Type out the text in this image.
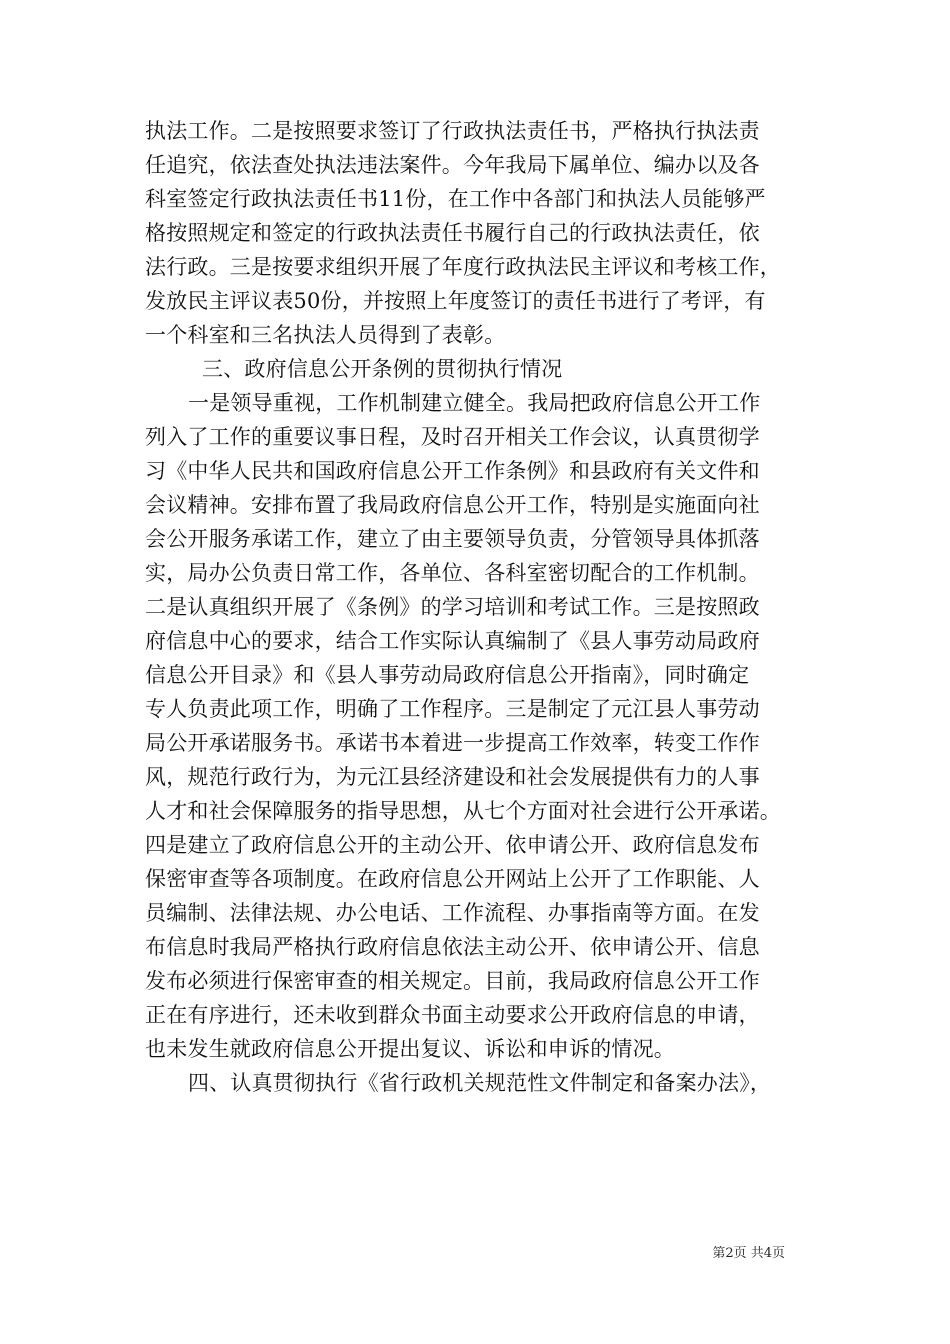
执法工作。二是按照要求签订了行政执法责任书，严格执行执法责
任追究，依法查处执法违法案件。今年我局下属单位、编办以及各
科室签定行政执法责任书11份，在工作中各部门和执法人员能够严
格按照规定和签定的行政执法责任书履行自己的行政执法责任，依
法行政。三是按要求组织开展了年度行政执法民主评议和考核工作，
发放民主评议表50份，并按照上年度签订的责任书进行了考评，有
一个科室和三名执法人员得到了表彰。
三、政府信息公开条例的贯彻执行情况
一是领导重视，工作机制建立健全。我局把政府信息公开工作
列入了工作的重要议事日程，及时召开相关工作会议，认真贯彻学
习《中华人民共和国政府信息公开工作条例》和县政府有关文件和
会议精神。安排布置了我局政府信息公开工作，特别是实施面向社
会公开服务承诺工作，建立了由主要领导负责，分管领导具体抓落
实，局办公负责日常工作，各单位、各科室密切配合的工作机制。
二是认真组织开展了《条例》的学习培训和考试工作。三是按照政
府信息中心的要求，结合工作实际认真编制了《县人事劳动局政府
信息公开目录》和《县人事劳动局政府信息公开指南》，同时确定
专人负责此项工作，明确了工作程序。三是制定了元江县人事劳动
局公开承诺服务书。承诺书本着进一步提高工作效率，转变工作作
风，规范行政行为，为元江县经济建设和社会发展提供有力的人事
人才和社会保障服务的指导思想，从七个方面对社会进行公开承诺。
四是建立了政府信息公开的主动公开、依申请公开、政府信息发布
保密审查等各项制度。在政府信息公开网站上公开了工作职能、人
员编制、法律法规、办公电话、工作流程、办事指南等方面。在发
布信息时我局严格执行政府信息依法主动公开、依申请公开、信息
发布必须进行保密审查的相关规定。目前，我局政府信息公开工作
正在有序进行，还未收到群众书面主动要求公开政府信息的申请，
也未发生就政府信息公开提出复议、诉讼和申诉的情况。
四、认真贯彻执行《省行政机关规范性文件制定和备案办法》，
第2页 共4页
